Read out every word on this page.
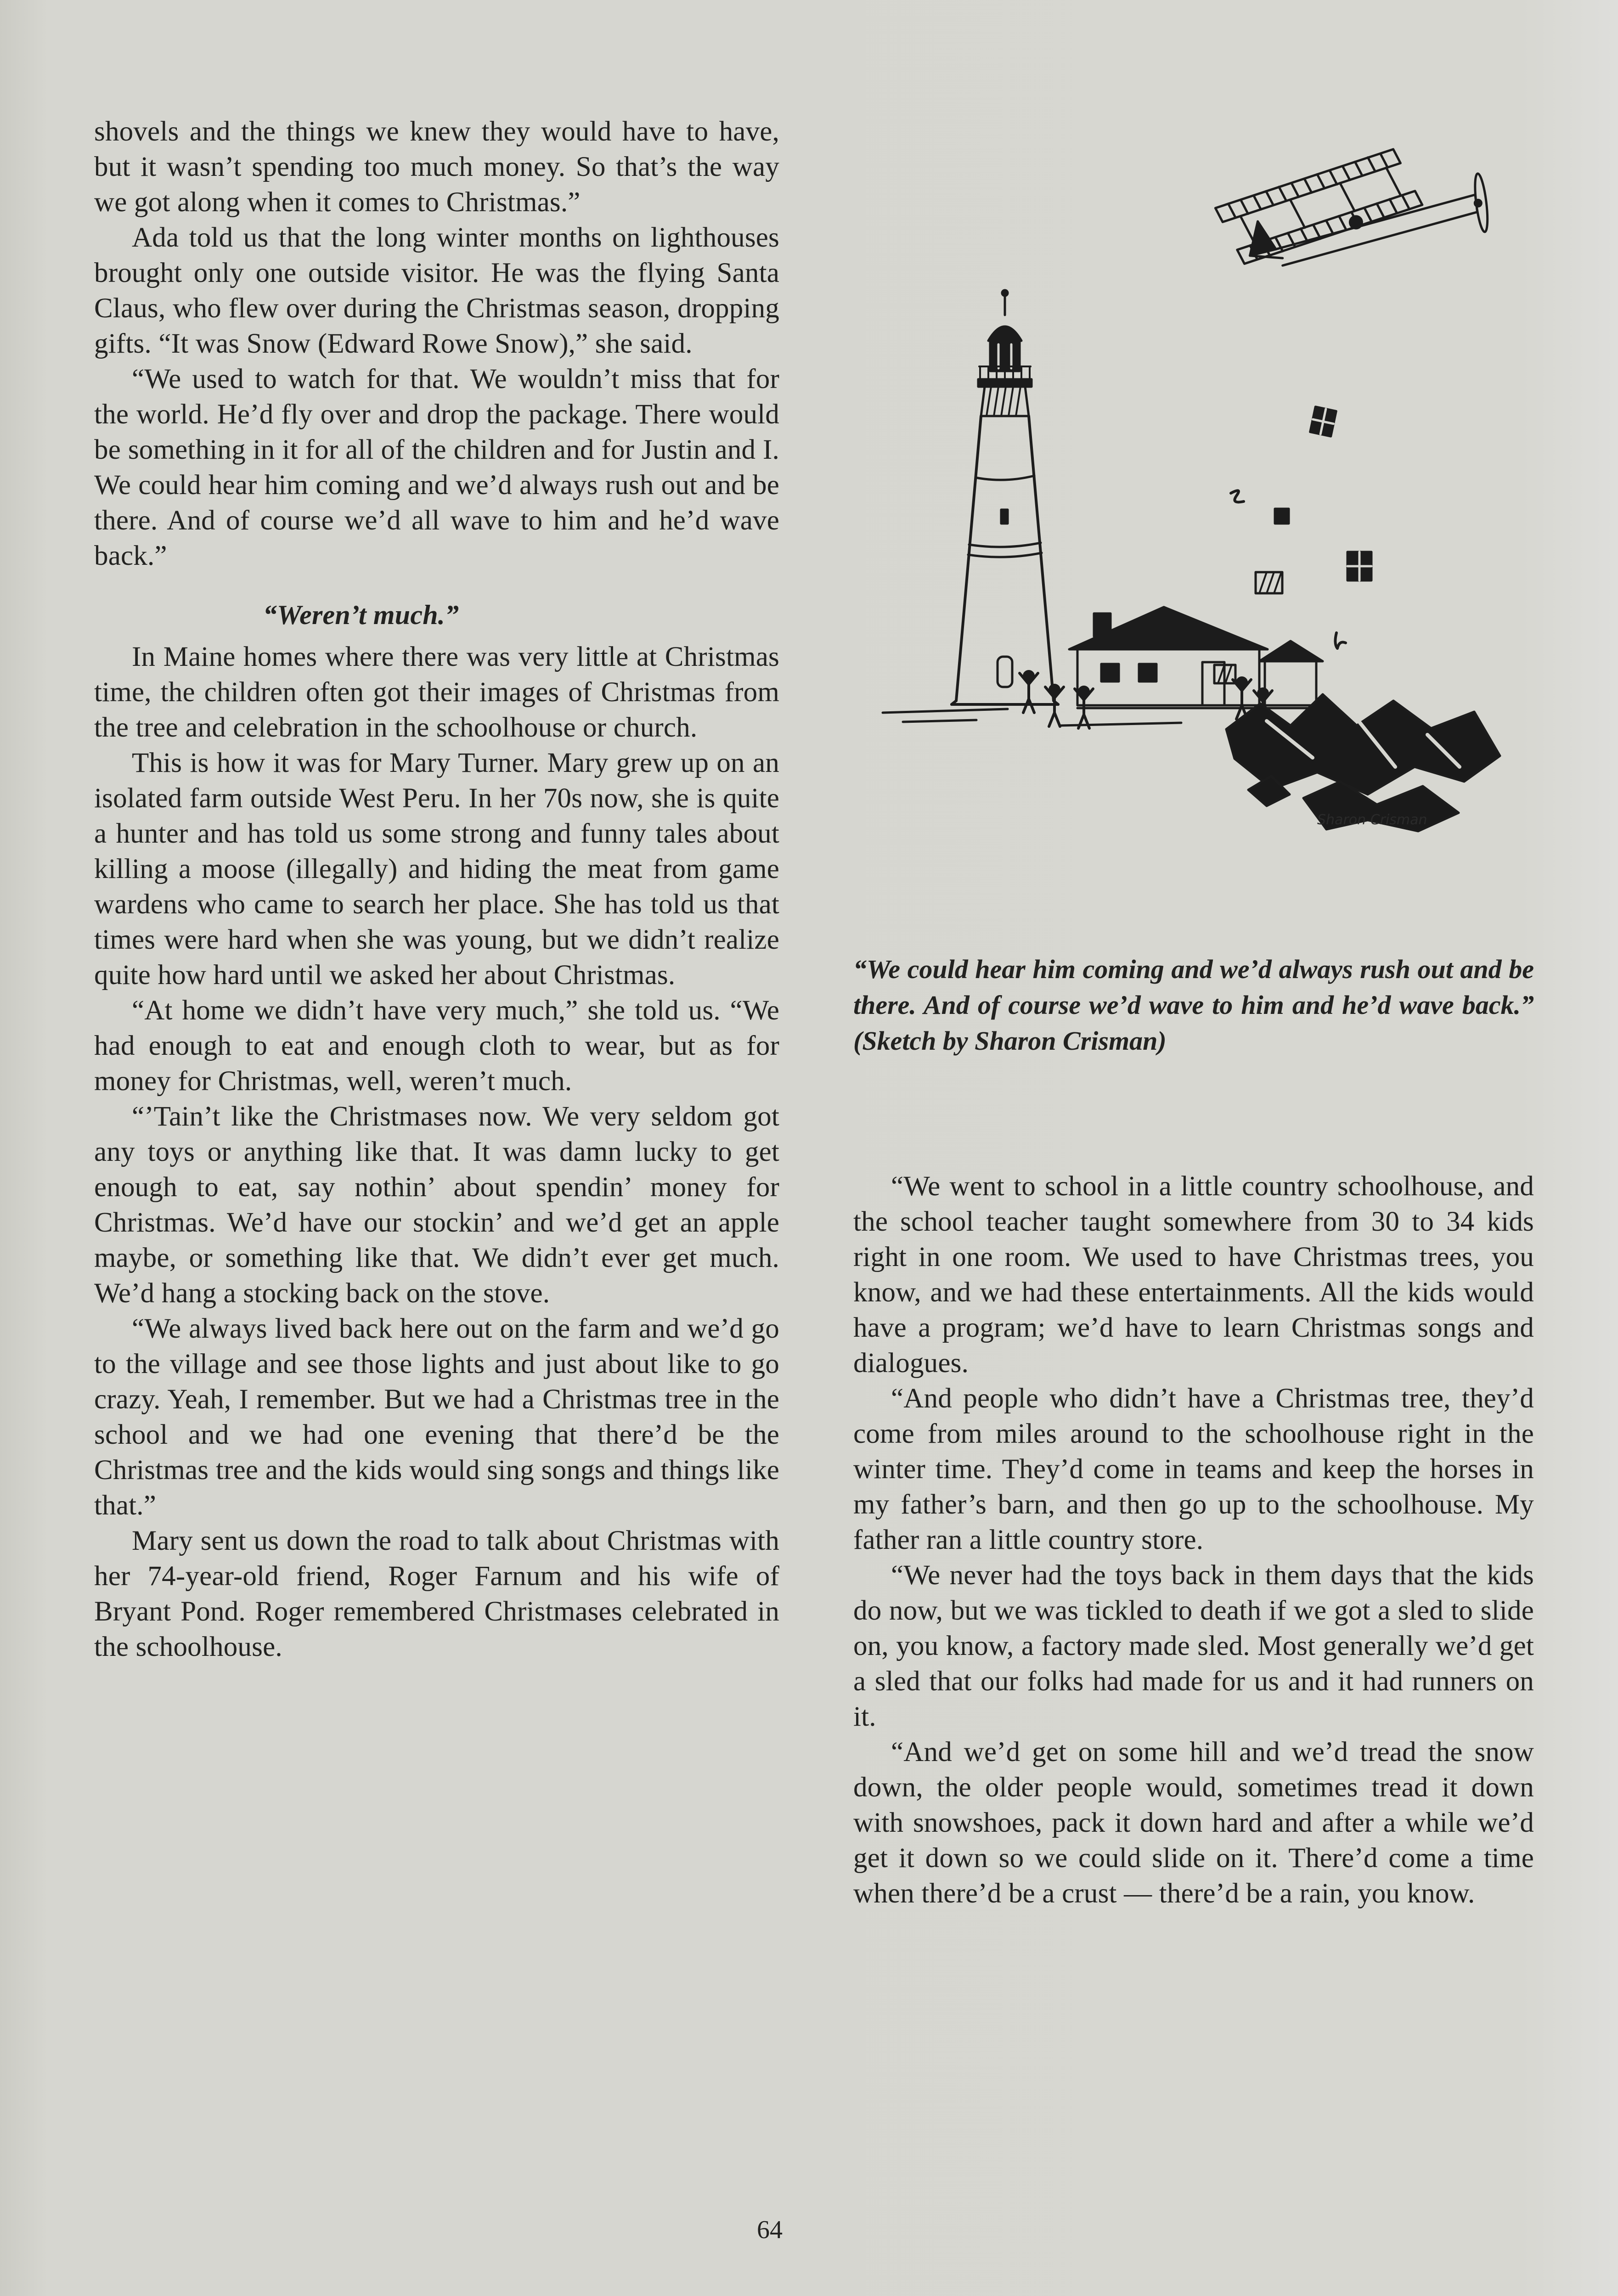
shovels and the things we knew they would have to have, but it wasn’t spending too much money. So that’s the way we got along when it comes to Christmas.”

Ada told us that the long winter months on lighthouses brought only one outside visitor. He was the flying Santa Claus, who flew over during the Christmas season, dropping gifts. “It was Snow (Edward Rowe Snow),” she said.

“We used to watch for that. We wouldn’t miss that for the world. He’d fly over and drop the package. There would be something in it for all of the children and for Justin and I. We could hear him coming and we’d always rush out and be there. And of course we’d all wave to him and he’d wave back.”

“Weren’t much.”

In Maine homes where there was very little at Christmas time, the children often got their images of Christmas from the tree and celebration in the schoolhouse or church.

This is how it was for Mary Turner. Mary grew up on an isolated farm outside West Peru. In her 70s now, she is quite a hunter and has told us some strong and funny tales about killing a moose (illegally) and hiding the meat from game wardens who came to search her place. She has told us that times were hard when she was young, but we didn’t realize quite how hard until we asked her about Christmas.

“At home we didn’t have very much,” she told us. “We had enough to eat and enough cloth to wear, but as for money for Christmas, well, weren’t much.

“’Tain’t like the Christmases now. We very seldom got any toys or anything like that. It was damn lucky to get enough to eat, say nothin’ about spendin’ money for Christmas. We’d have our stockin’ and we’d get an apple maybe, or something like that. We didn’t ever get much. We’d hang a stocking back on the stove.

“We always lived back here out on the farm and we’d go to the village and see those lights and just about like to go crazy. Yeah, I remember. But we had a Christmas tree in the school and we had one evening that there’d be the Christmas tree and the kids would sing songs and things like that.”

Mary sent us down the road to talk about Christmas with her 74-year-old friend, Roger Farnum and his wife of Bryant Pond. Roger remembered Christmases celebrated in the schoolhouse.

Sharon Crisman

“We could hear him coming and we’d always rush out and be there. And of course we’d wave to him and he’d wave back.” (Sketch by Sharon Crisman)

“We went to school in a little country schoolhouse, and the school teacher taught somewhere from 30 to 34 kids right in one room. We used to have Christmas trees, you know, and we had these entertainments. All the kids would have a program; we’d have to learn Christmas songs and dialogues.

“And people who didn’t have a Christmas tree, they’d come from miles around to the schoolhouse right in the winter time. They’d come in teams and keep the horses in my father’s barn, and then go up to the schoolhouse. My father ran a little country store.

“We never had the toys back in them days that the kids do now, but we was tickled to death if we got a sled to slide on, you know, a factory made sled. Most generally we’d get a sled that our folks had made for us and it had runners on it.

“And we’d get on some hill and we’d tread the snow down, the older people would, sometimes tread it down with snowshoes, pack it down hard and after a while we’d get it down so we could slide on it. There’d come a time when there’d be a crust — there’d be a rain, you know.

64
